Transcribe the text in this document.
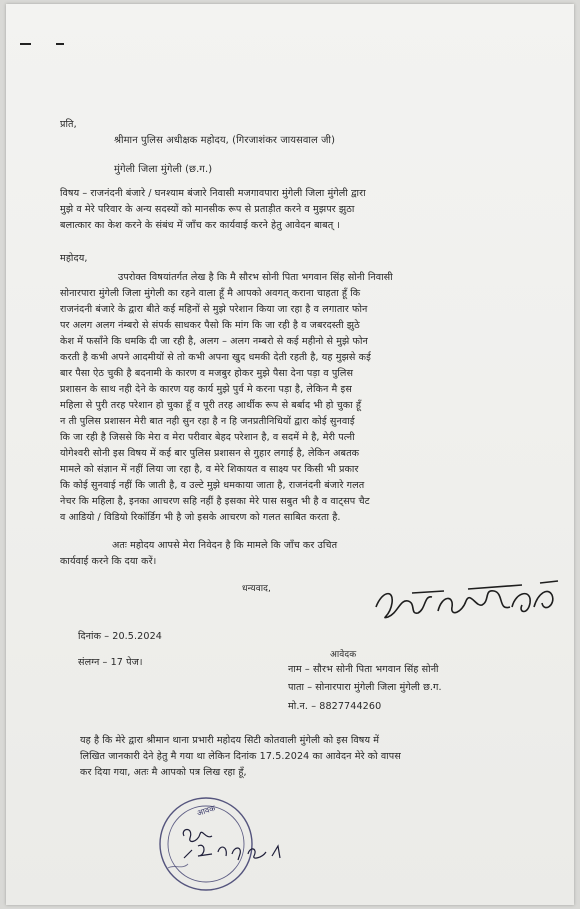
प्रति,
श्रीमान पुलिस अधीक्षक महोदय, (गिरजाशंकर जायसवाल जी)
मुंगेली जिला मुंगेली (छ.ग.)
विषय – राजनंदनी बंजारे / घनश्याम बंजारे निवासी मजगावपारा मुंगेली जिला मुंगेली द्वारा
मुझे व मेरे परिवार के अन्य सदस्यों को मानसीक रूप से प्रताड़ीत करने व मुझपर झुठा
बलात्कार का केश करने के संबंध में जाँच कर कार्यवाई करने हेतु आवेदन बाबत् ।
महोदय,
उपरोक्त विषयांतर्गत लेख है कि मै सौरभ सोनी पिता भगवान सिंह सोनी निवासी
सोनारपारा मुंगेली जिला मुंगेली का रहने वाला हूँ मै आपको अवगत् कराना चाहता हूँ कि
राजनंदनी बंजारे के द्वारा बीते कई महिनों से मुझे परेशान किया जा रहा है व लगातार फोन
पर अलग अलग नंम्बरो से संपर्क साधकर पैसो कि मांग कि जा रही है व जबरदस्ती झुठे
केश में फसाँने कि धमकि दी जा रही है, अलग – अलग नम्बरो से कई महीनो से मुझे फोन
करती है कभी अपने आदमीयों से तो कभी अपना खुद धमकी देती रहती है, यह मुझसे कई
बार पैसा ऐठ चुकी है बदनामी के कारण व मजबुर होकर मुझे पैसा देना पड़ा व पुलिस
प्रशासन के साथ नही देने के कारण यह कार्य मुझे पुर्व मे करना पड़ा है, लेकिन मै इस
महिला से पुरी तरह परेशान हो चुका हूँ व पूरी तरह आर्थीक रूप से बर्बाद भी हो चुका हूँ
न ती पुलिस प्रशासन मेरी बात नही सुन रहा है न हि जनप्रतीनिधियों द्वारा कोई सुनवाई
कि जा रही है जिससे कि मेरा व मेरा परीवार बेहद परेशान है, व सदमें मे है, मेरी पत्नी
योगेश्वरी सोनी इस विषय में कई बार पुलिस प्रशासन से गुहार लगाई है, लेकिन अबतक
मामले को संज्ञान में नहीं लिया जा रहा है, व मेरे शिकायत व साक्ष्य पर किसी भी प्रकार
कि कोई सुनवाई नहीं कि जाती है, व उल्टे मुझे धमकाया जाता है, राजनंदनी बंजारे गलत
नेचर कि महिला है, इनका आचरण सहि नहीं है इसका मेरे पास सबुत भी है व वाट्सप चैट
व आडियो / विडियो रिकॉर्डिग भी है जो इसके आचरण को गलत साबित करता है.
अतः महोदय आपसे मेरा निवेदन है कि मामले कि जाँच कर उचित
कार्यवाई करने कि दया करें।
धन्यवाद,
दिनांक – 20.5.2024
संलग्न – 17 पेज।
आवेदक
नाम – सौरभ सोनी पिता भगवान सिंह सोनी
पाता – सोनारपारा मुंगेली जिला मुंगेली छ.ग.
मो.न. – 8827744260
यह है कि मेरे द्वारा श्रीमान थाना प्रभारी महोदय सिटी कोतवाली मुंगेली को इस विषय में
लिखित जानकारी देने हेतु मै गया था लेकिन दिनांक 17.5.2024 का आवेदन मेरे को वापस
कर दिया गया, अतः मै आपको पत्र लिख रहा हूँ,
आवक
